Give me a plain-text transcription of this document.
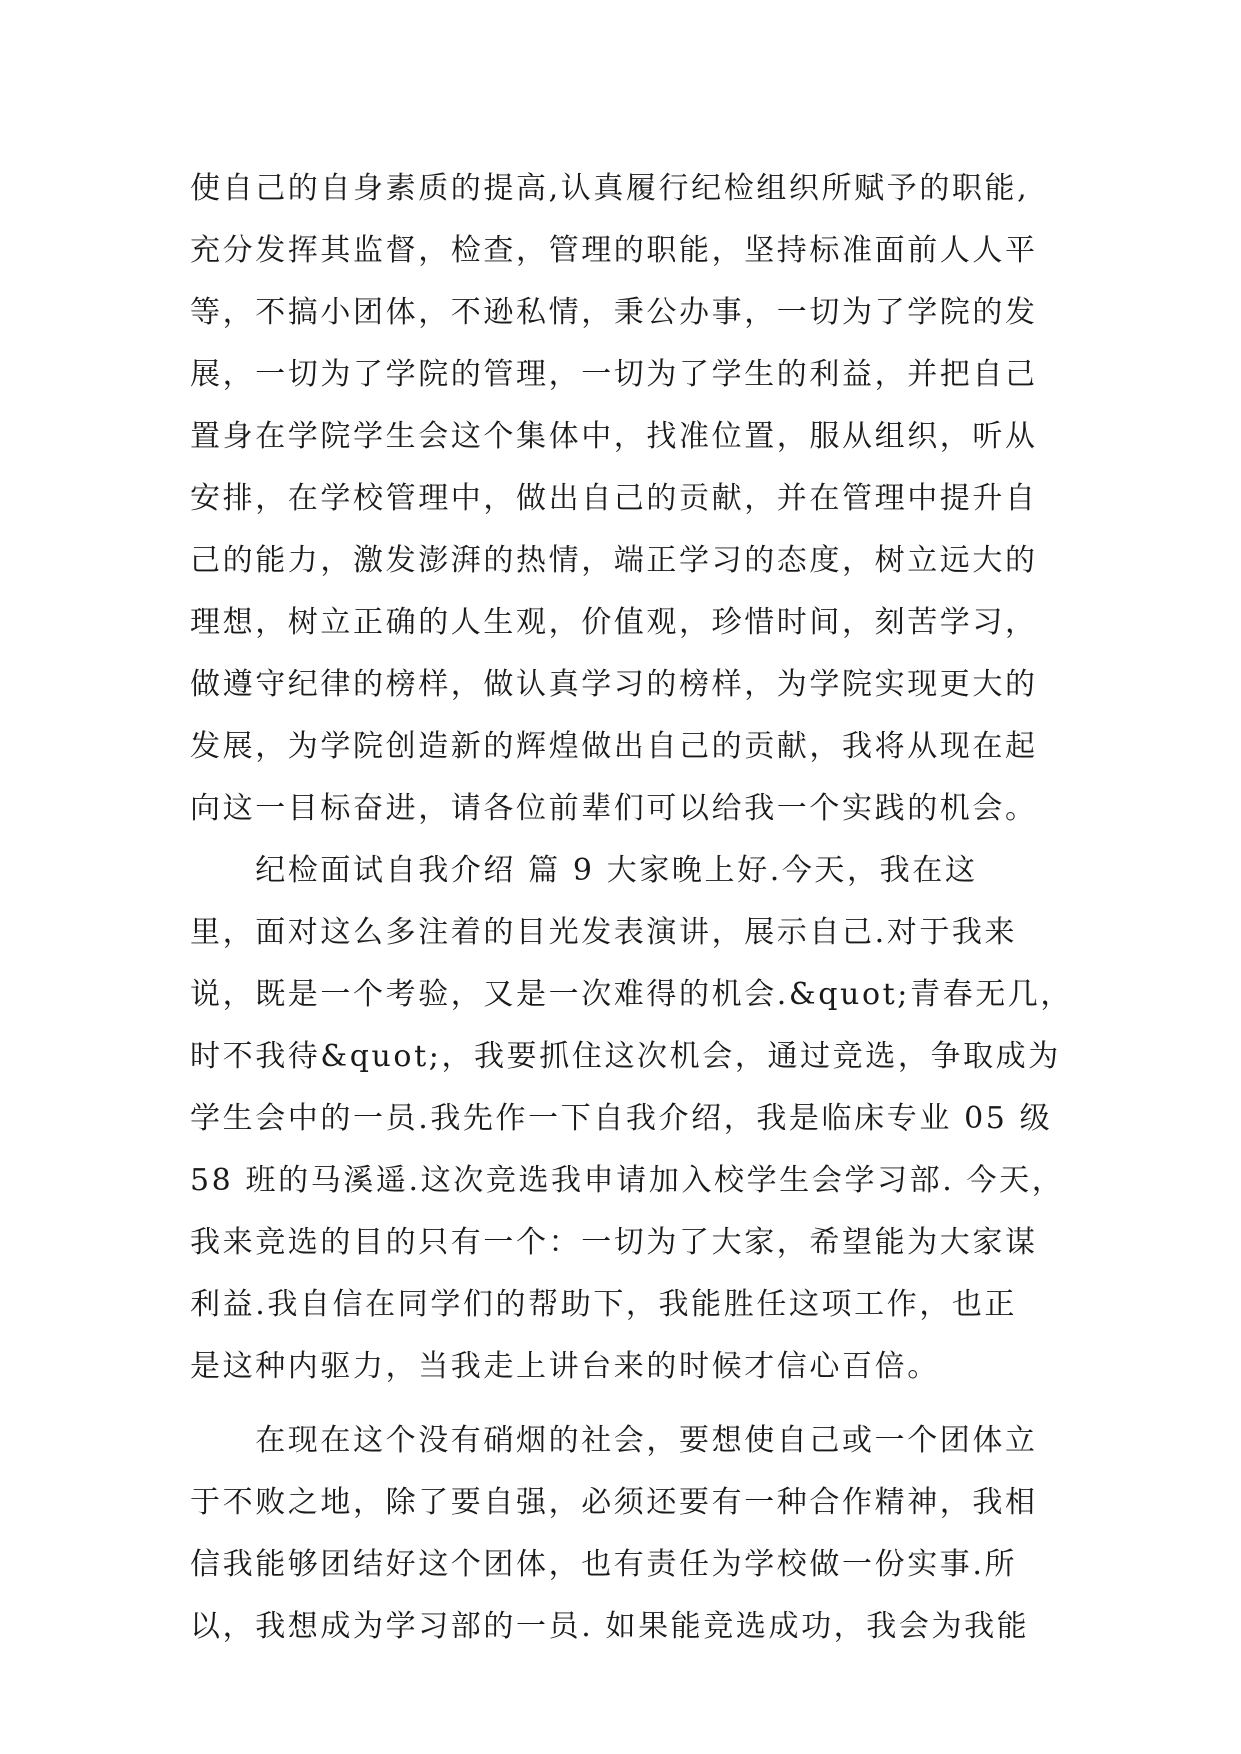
使自己的自身素质的提高,认真履行纪检组织所赋予的职能,
充分发挥其监督，检查，管理的职能，坚持标准面前人人平
等，不搞小团体，不逊私情，秉公办事，一切为了学院的发
展，一切为了学院的管理，一切为了学生的利益，并把自己
置身在学院学生会这个集体中，找准位置，服从组织，听从
安排，在学校管理中，做出自己的贡献，并在管理中提升自
己的能力，激发澎湃的热情，端正学习的态度，树立远大的
理想，树立正确的人生观，价值观，珍惜时间，刻苦学习，
做遵守纪律的榜样，做认真学习的榜样，为学院实现更大的
发展，为学院创造新的辉煌做出自己的贡献，我将从现在起
向这一目标奋进，请各位前辈们可以给我一个实践的机会。
　　纪检面试自我介绍 篇 9 大家晚上好.今天，我在这
里，面对这么多注着的目光发表演讲，展示自己.对于我来
说，既是一个考验，又是一次难得的机会.&quot;青春无几，
时不我待&quot;，我要抓住这次机会，通过竞选，争取成为
学生会中的一员.我先作一下自我介绍，我是临床专业 05 级
58 班的马溪遥.这次竞选我申请加入校学生会学习部. 今天，
我来竞选的目的只有一个：一切为了大家，希望能为大家谋
利益.我自信在同学们的帮助下，我能胜任这项工作，也正
是这种内驱力，当我走上讲台来的时候才信心百倍。
　　在现在这个没有硝烟的社会，要想使自己或一个团体立
于不败之地，除了要自强，必须还要有一种合作精神，我相
信我能够团结好这个团体，也有责任为学校做一份实事.所
以，我想成为学习部的一员. 如果能竞选成功，我会为我能
